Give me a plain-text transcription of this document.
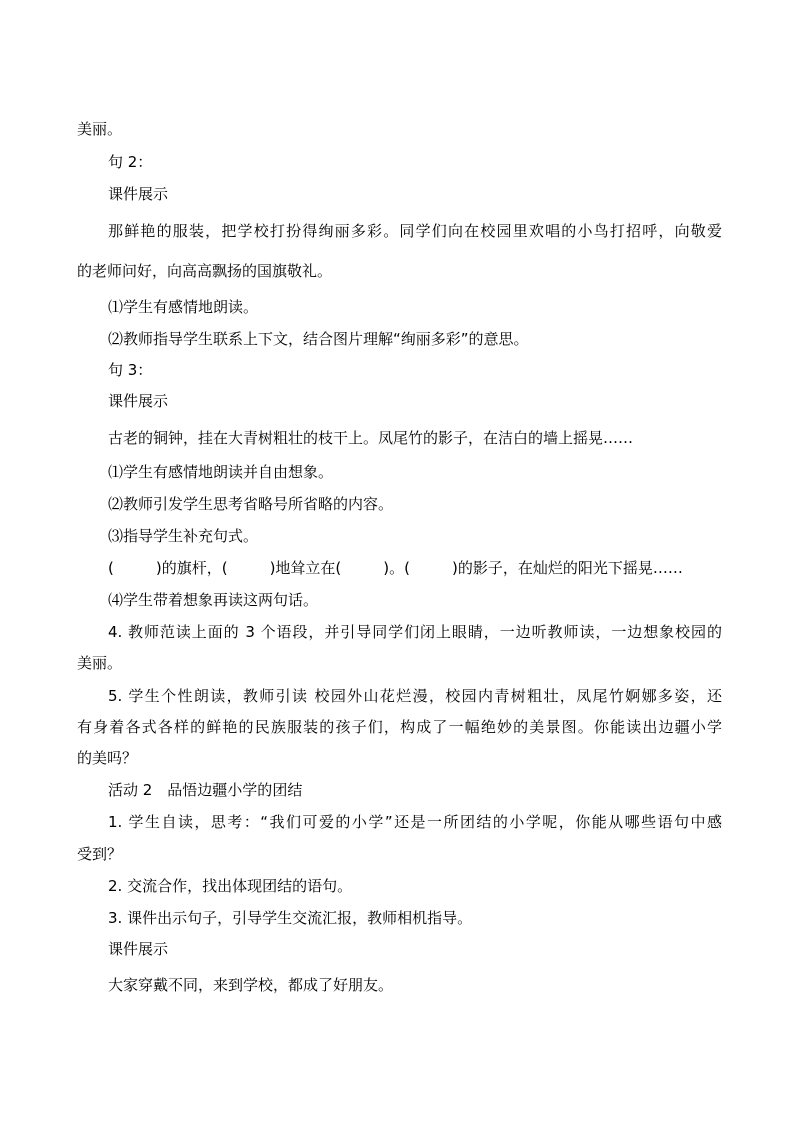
美丽。

句 2：

课件展示

那鲜艳的服装，把学校打扮得绚丽多彩。同学们向在校园里欢唱的小鸟打招呼，向敬爱

的老师问好，向高高飘扬的国旗敬礼。

⑴学生有感情地朗读。

⑵教师指导学生联系上下文，结合图片理解“绚丽多彩”的意思。

句 3：

课件展示

古老的铜钟，挂在大青树粗壮的枝干上。凤尾竹的影子，在洁白的墙上摇晃……

⑴学生有感情地朗读并自由想象。

⑵教师引发学生思考省略号所省略的内容。

⑶指导学生补充句式。

(	)的旗杆，(	)地耸立在(	)。(	)的影子，在灿烂的阳光下摇晃……

⑷学生带着想象再读这两句话。

4. 教师范读上面的 3 个语段，并引导同学们闭上眼睛，一边听教师读，一边想象校园的

美丽。

5. 学生个性朗读，教师引读 校园外山花烂漫，校园内青树粗壮，凤尾竹婀娜多姿，还

有身着各式各样的鲜艳的民族服装的孩子们，构成了一幅绝妙的美景图。你能读出边疆小学

的美吗？

活动 2　品悟边疆小学的团结

1. 学生自读，思考：“我们可爱的小学”还是一所团结的小学呢，你能从哪些语句中感

受到？

2. 交流合作，找出体现团结的语句。

3. 课件出示句子，引导学生交流汇报，教师相机指导。

课件展示

大家穿戴不同，来到学校，都成了好朋友。
